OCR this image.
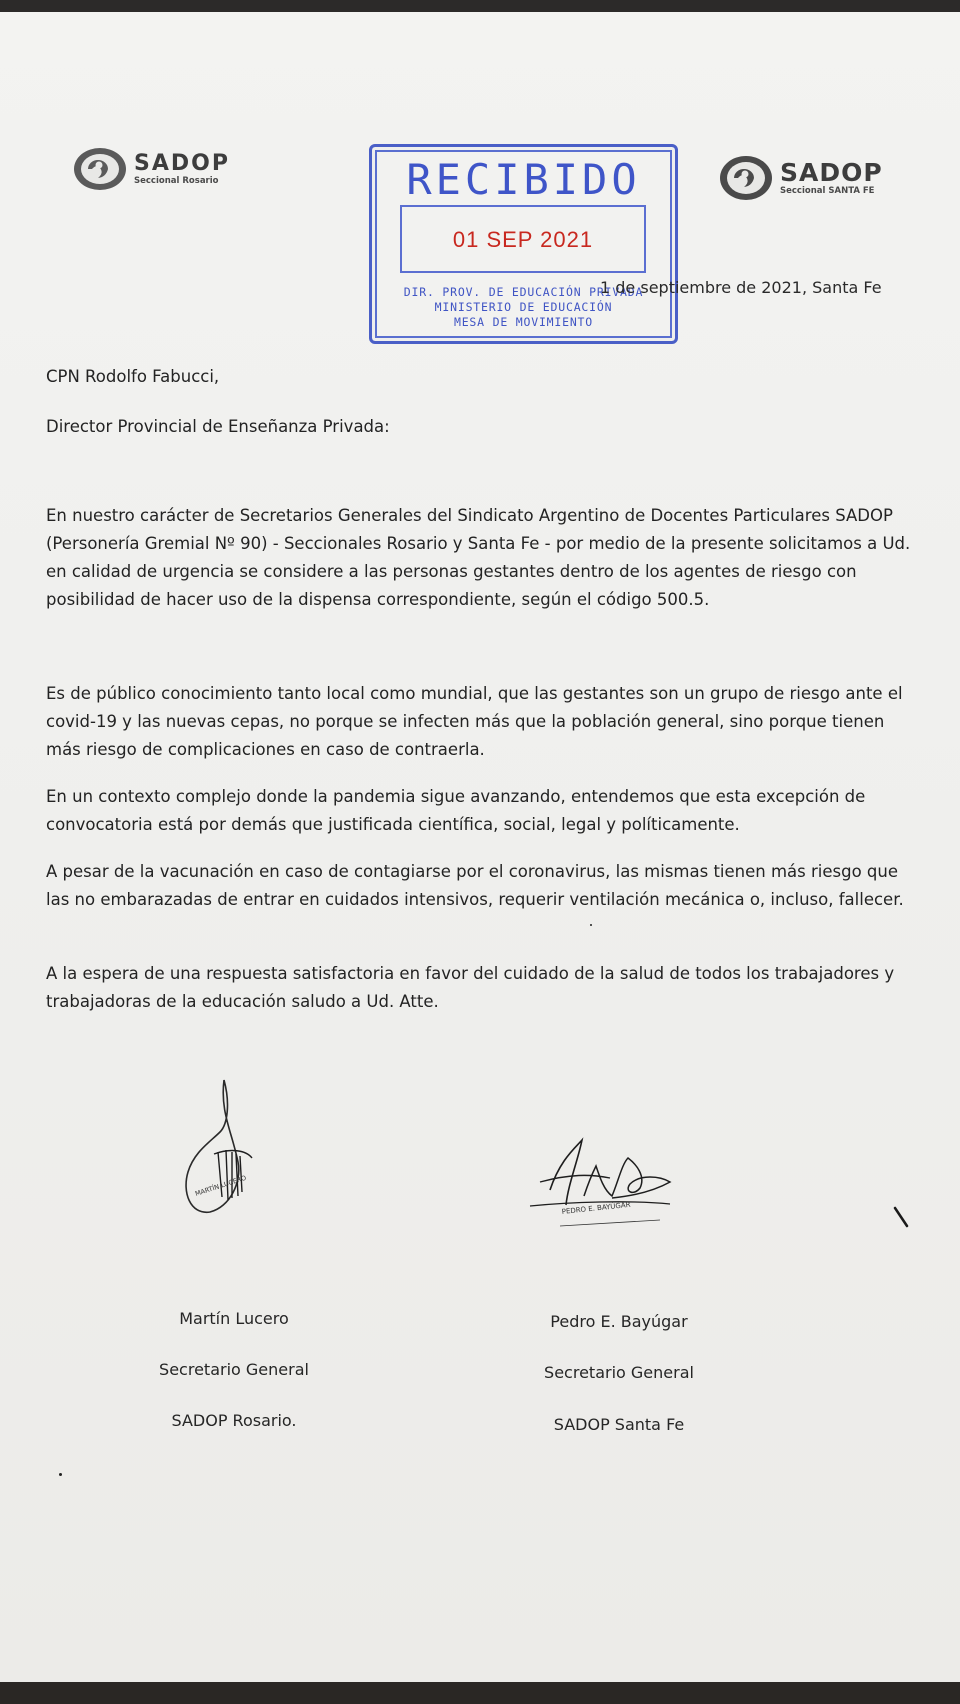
SADOP
Seccional Rosario	SADOP
Seccional SANTA FE
RECIBIDO
01 SEP 2021
DIR. PROV. DE EDUCACIÓN PRIVADA
MINISTERIO DE EDUCACIÓN
MESA DE MOVIMIENTO
1 de septiembre de 2021, Santa Fe
CPN Rodolfo Fabucci,
Director Provincial de Enseñanza Privada:
En nuestro carácter de Secretarios Generales del Sindicato Argentino de Docentes Particulares SADOP (Personería Gremial Nº 90) - Seccionales Rosario y Santa Fe - por medio de la presente solicitamos a Ud. en calidad de urgencia se considere a las personas gestantes dentro de los agentes de riesgo con posibilidad de hacer uso de la dispensa correspondiente, según el código 500.5.
Es de público conocimiento tanto local como mundial, que las gestantes son un grupo de riesgo ante el covid-19 y las nuevas cepas, no porque se infecten más que la población general, sino porque tienen más riesgo de complicaciones en caso de contraerla.
En un contexto complejo donde la pandemia sigue avanzando, entendemos que esta excepción de convocatoria está por demás que justificada científica, social, legal y políticamente.
A pesar de la vacunación en caso de contagiarse por el coronavirus, las mismas tienen más riesgo que las no embarazadas de entrar en cuidados intensivos, requerir ventilación mecánica o, incluso, fallecer.
A la espera de una respuesta satisfactoria en favor del cuidado de la salud de todos los trabajadores y trabajadoras de la educación saludo a Ud. Atte.
MARTÍN LUCERO
PEDRO E. BAYÚGAR
Martín Lucero
Secretario General
SADOP Rosario.
Pedro E. Bayúgar
Secretario General
SADOP Santa Fe
